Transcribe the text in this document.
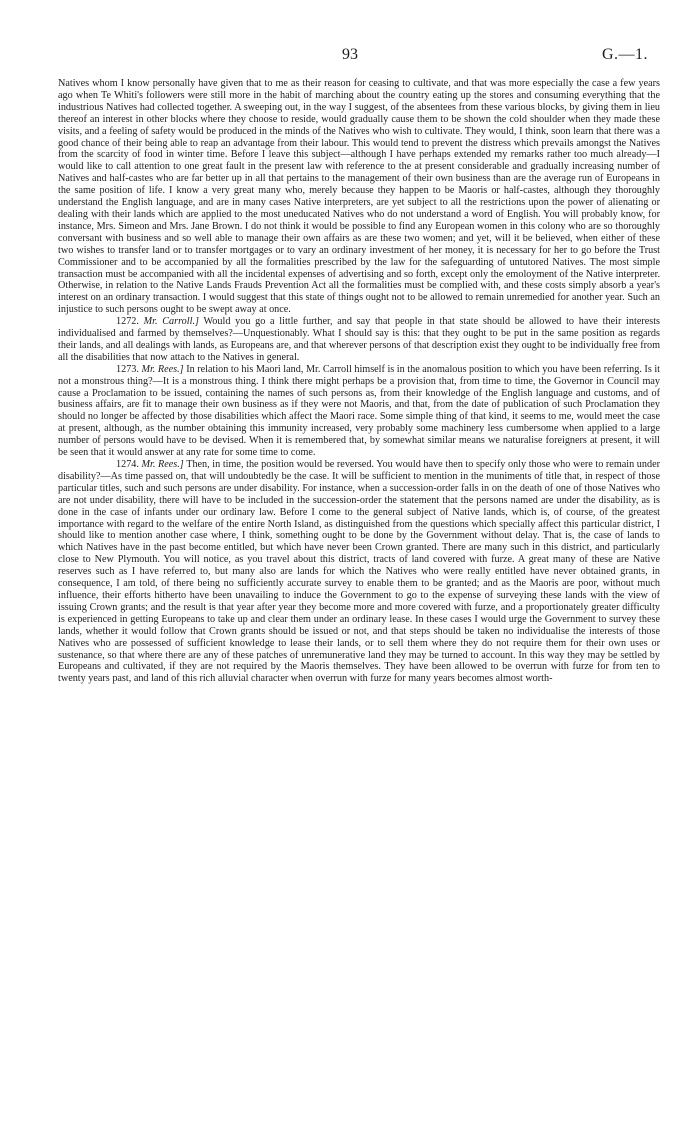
93	G.—1.

Natives whom I know personally have given that to me as their reason for ceasing to cultivate, and that was more especially the case a few years ago when Te Whiti's followers were still more in the habit of marching about the country eating up the stores and consuming everything that the industrious Natives had collected together. A sweeping out, in the way I suggest, of the absentees from these various blocks, by giving them in lieu thereof an interest in other blocks where they choose to reside, would gradually cause them to be shown the cold shoulder when they made these visits, and a feeling of safety would be produced in the minds of the Natives who wish to cultivate. They would, I think, soon learn that there was a good chance of their being able to reap an advantage from their labour. This would tend to prevent the distress which prevails amongst the Natives from the scarcity of food in winter time. Before I leave this subject—although I have perhaps extended my remarks rather too much already—I would like to call attention to one great fault in the present law with reference to the at present considerable and gradually increasing number of Natives and half-castes who are far better up in all that pertains to the management of their own business than are the average run of Europeans in the same position of life. I know a very great many who, merely because they happen to be Maoris or half-castes, although they thoroughly understand the English language, and are in many cases Native interpreters, are yet subject to all the restrictions upon the power of alienating or dealing with their lands which are applied to the most uneducated Natives who do not understand a word of English. You will probably know, for instance, Mrs. Simeon and Mrs. Jane Brown. I do not think it would be possible to find any European women in this colony who are so thoroughly conversant with business and so well able to manage their own affairs as are these two women; and yet, will it be believed, when either of these two wishes to transfer land or to transfer mortgages or to vary an ordinary investment of her money, it is necessary for her to go before the Trust Commissioner and to be accompanied by all the formalities prescribed by the law for the safeguarding of untutored Natives. The most simple transaction must be accompanied with all the incidental expenses of advertising and so forth, except only the emoloyment of the Native interpreter. Otherwise, in relation to the Native Lands Frauds Prevention Act all the formalities must be complied with, and these costs simply absorb a year's interest on an ordinary transaction. I would suggest that this state of things ought not to be allowed to remain unremedied for another year. Such an injustice to such persons ought to be swept away at once.

1272. Mr. Carroll.] Would you go a little further, and say that people in that state should be allowed to have their interests individualised and farmed by themselves?—Unquestionably. What I should say is this: that they ought to be put in the same position as regards their lands, and all dealings with lands, as Europeans are, and that wherever persons of that description exist they ought to be individually free from all the disabilities that now attach to the Natives in general.

1273. Mr. Rees.] In relation to his Maori land, Mr. Carroll himself is in the anomalous position to which you have been referring. Is it not a monstrous thing?—It is a monstrous thing. I think there might perhaps be a provision that, from time to time, the Governor in Council may cause a Proclamation to be issued, containing the names of such persons as, from their knowledge of the English language and customs, and of business affairs, are fit to manage their own business as if they were not Maoris, and that, from the date of publication of such Proclamation they should no longer be affected by those disabilities which affect the Maori race. Some simple thing of that kind, it seems to me, would meet the case at present, although, as the number obtaining this immunity increased, very probably some machinery less cumbersome when applied to a large number of persons would have to be devised. When it is remembered that, by somewhat similar means we naturalise foreigners at present, it will be seen that it would answer at any rate for some time to come.

1274. Mr. Rees.] Then, in time, the position would be reversed. You would have then to specify only those who were to remain under disability?—As time passed on, that will undoubtedly be the case. It will be sufficient to mention in the muniments of title that, in respect of those particular titles, such and such persons are under disability. For instance, when a succession-order falls in on the death of one of those Natives who are not under disability, there will have to be included in the succession-order the statement that the persons named are under the disability, as is done in the case of infants under our ordinary law. Before I come to the general subject of Native lands, which is, of course, of the greatest importance with regard to the welfare of the entire North Island, as distinguished from the questions which specially affect this particular district, I should like to mention another case where, I think, something ought to be done by the Government without delay. That is, the case of lands to which Natives have in the past become entitled, but which have never been Crown granted. There are many such in this district, and particularly close to New Plymouth. You will notice, as you travel about this district, tracts of land covered with furze. A great many of these are Native reserves such as I have referred to, but many also are lands for which the Natives who were really entitled have never obtained grants, in consequence, I am told, of there being no sufficiently accurate survey to enable them to be granted; and as the Maoris are poor, without much influence, their efforts hitherto have been unavailing to induce the Government to go to the expense of surveying these lands with the view of issuing Crown grants; and the result is that year after year they become more and more covered with furze, and a proportionately greater difficulty is experienced in getting Europeans to take up and clear them under an ordinary lease. In these cases I would urge the Government to survey these lands, whether it would follow that Crown grants should be issued or not, and that steps should be taken no individualise the interests of those Natives who are possessed of sufficient knowledge to lease their lands, or to sell them where they do not require them for their own uses or sustenance, so that where there are any of these patches of unremunerative land they may be turned to account. In this way they may be settled by Europeans and cultivated, if they are not required by the Maoris themselves. They have been allowed to be overrun with furze for from ten to twenty years past, and land of this rich alluvial character when overrun with furze for many years becomes almost worth-
